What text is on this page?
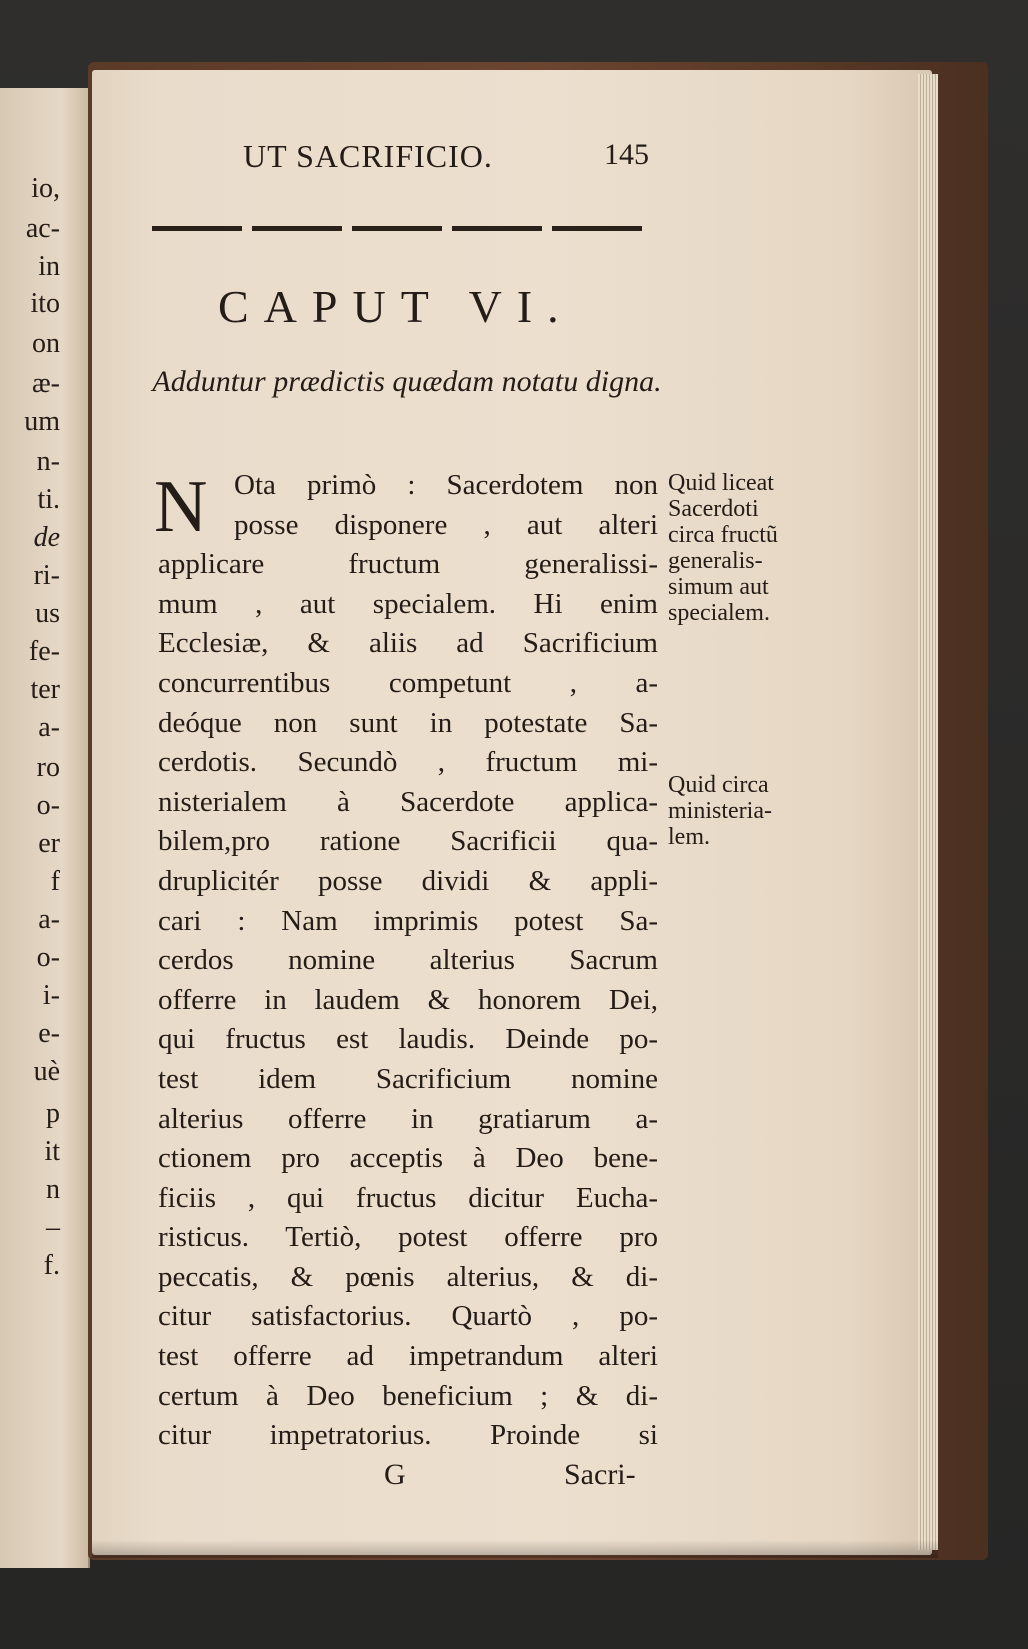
io,
ac-
in
ito
on
æ-
um
n-
ti.
de
ri-
us
fe-
ter
a-
ro
o-
er
f
a-
o-
i-
e-
uè
p
it
n
–
f.
UT SACRIFICIO.	145
CAPUT VI.
Adduntur prædictis quædam notatu digna.
N Ota primò : Sacerdotem non
posse disponere , aut alteri
applicare fructum generalissi-
mum , aut specialem. Hi enim
Ecclesiæ, & aliis ad Sacrificium
concurrentibus competunt , a-
deóque non sunt in potestate Sa-
cerdotis. Secundò , fructum mi-
nisterialem à Sacerdote applica-
bilem,pro ratione Sacrificii qua-
druplicitér posse dividi & appli-
cari : Nam imprimis potest Sa-
cerdos nomine alterius Sacrum
offerre in laudem & honorem Dei,
qui fructus est laudis. Deinde po-
test idem Sacrificium nomine
alterius offerre in gratiarum a-
ctionem pro acceptis à Deo bene-
ficiis , qui fructus dicitur Eucha-
risticus. Tertiò, potest offerre pro
peccatis, & pœnis alterius, & di-
citur satisfactorius. Quartò , po-
test offerre ad impetrandum alteri
certum à Deo beneficium ; & di-
citur impetratorius. Proinde si
Quid liceat
Sacerdoti
circa fructũ
generalis-
simum aut
specialem.
Quid circa
ministeria-
lem.
G	Sacri-
